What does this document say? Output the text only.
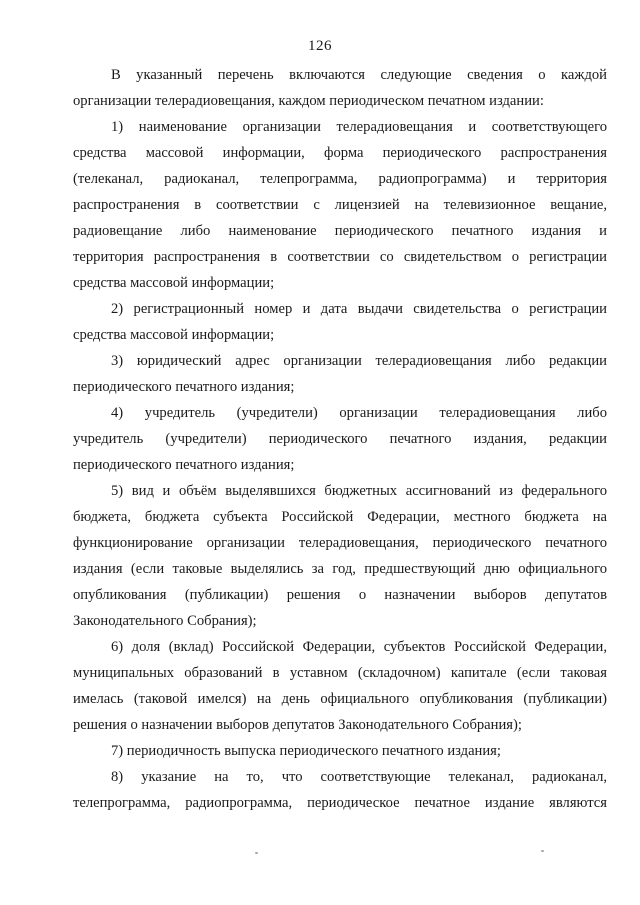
126
В указанный перечень включаются следующие сведения о каждой
организации телерадиовещания, каждом периодическом печатном издании:
1) наименование организации телерадиовещания и соответствующего
средства массовой информации, форма периодического распространения
(телеканал, радиоканал, телепрограмма, радиопрограмма) и территория
распространения в соответствии с лицензией на телевизионное вещание,
радиовещание либо наименование периодического печатного издания и
территория распространения в соответствии со свидетельством о регистрации
средства массовой информации;
2) регистрационный номер и дата выдачи свидетельства о регистрации
средства массовой информации;
3) юридический адрес организации телерадиовещания либо редакции
периодического печатного издания;
4) учредитель (учредители) организации телерадиовещания либо
учредитель (учредители) периодического печатного издания, редакции
периодического печатного издания;
5) вид и объём выделявшихся бюджетных ассигнований из федерального
бюджета, бюджета субъекта Российской Федерации, местного бюджета на
функционирование организации телерадиовещания, периодического печатного
издания (если таковые выделялись за год, предшествующий дню официального
опубликования (публикации) решения о назначении выборов депутатов
Законодательного Собрания);
6) доля (вклад) Российской Федерации, субъектов Российской Федерации,
муниципальных образований в уставном (складочном) капитале (если таковая
имелась (таковой имелся) на день официального опубликования (публикации)
решения о назначении выборов депутатов Законодательного Собрания);
7) периодичность выпуска периодического печатного издания;
8) указание на то, что соответствующие телеканал, радиоканал,
телепрограмма, радиопрограмма, периодическое печатное издание являются
